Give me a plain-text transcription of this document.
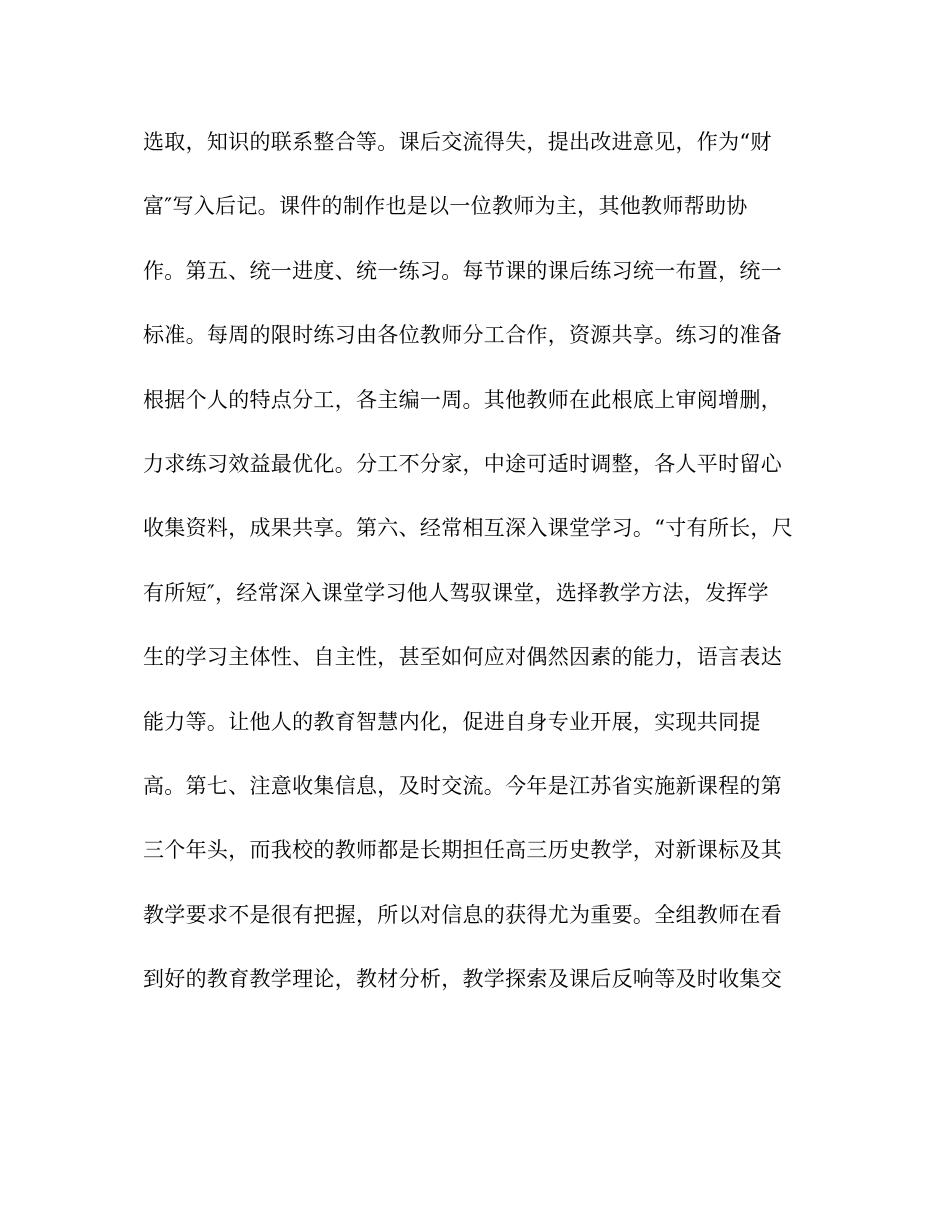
选取，知识的联系整合等。课后交流得失，提出改进意见，作为“财
富″写入后记。课件的制作也是以一位教师为主，其他教师帮助协
作。第五、统一进度、统一练习。每节课的课后练习统一布置，统一
标准。每周的限时练习由各位教师分工合作，资源共享。练习的准备
根据个人的特点分工，各主编一周。其他教师在此根底上审阅增删，
力求练习效益最优化。分工不分家，中途可适时调整，各人平时留心
收集资料，成果共享。第六、经常相互深入课堂学习。“寸有所长，尺
有所短″，经常深入课堂学习他人驾驭课堂，选择教学方法，发挥学
生的学习主体性、自主性，甚至如何应对偶然因素的能力，语言表达
能力等。让他人的教育智慧内化，促进自身专业开展，实现共同提
高。第七、注意收集信息，及时交流。今年是江苏省实施新课程的第
三个年头，而我校的教师都是长期担任高三历史教学，对新课标及其
教学要求不是很有把握，所以对信息的获得尤为重要。全组教师在看
到好的教育教学理论，教材分析，教学探索及课后反响等及时收集交
